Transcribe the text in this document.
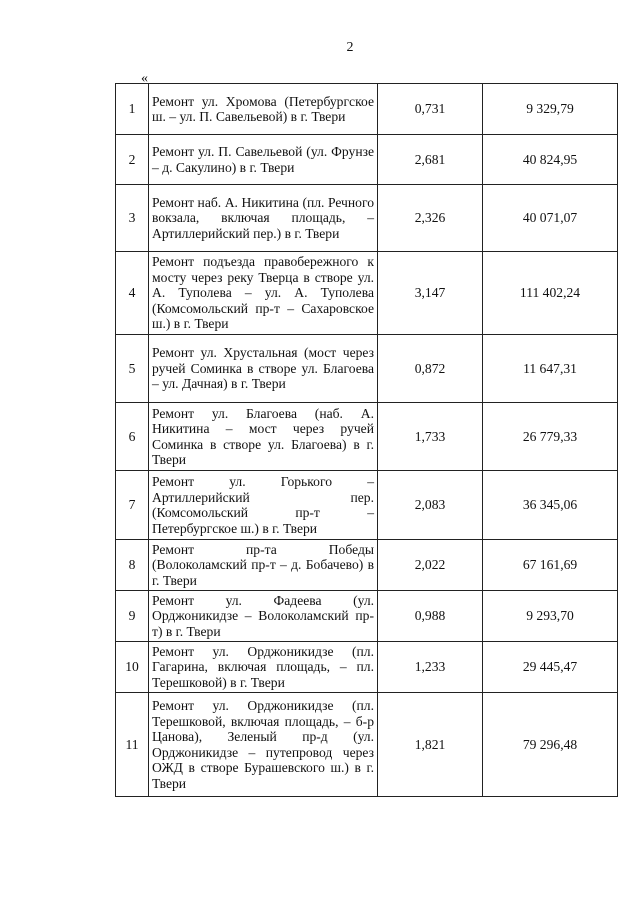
2
«
1	Ремонт ул. Хромова (Петербургское ш. – ул. П. Савельевой) в г. Твери	0,731	9 329,79
2	Ремонт ул. П. Савельевой (ул. Фрунзе – д. Сакулино) в г. Твери	2,681	40 824,95
3	Ремонт наб. А. Никитина (пл. Речного вокзала, включая площадь, – Артиллерийский пер.) в г. Твери	2,326	40 071,07
4	Ремонт подъезда правобережного к мосту через реку Тверца в створе ул. А. Туполева – ул. А. Туполева (Комсомольский пр-т – Сахаровское ш.) в г. Твери	3,147	111 402,24
5	Ремонт ул. Хрустальная (мост через ручей Соминка в створе ул. Благоева – ул. Дачная) в г. Твери	0,872	11 647,31
6	Ремонт ул. Благоева (наб. А. Никитина – мост через ручей Соминка в створе ул. Благоева) в г. Твери	1,733	26 779,33
7	Ремонт ул. Горького – Артиллерийский пер. (Комсомольский пр-т – Петербургское ш.) в г. Твери	2,083	36 345,06
8	Ремонт пр-та Победы (Волоколамский пр-т – д. Бобачево) в г. Твери	2,022	67 161,69
9	Ремонт ул. Фадеева (ул. Орджоникидзе – Волоколамский пр-т) в г. Твери	0,988	9 293,70
10	Ремонт ул. Орджоникидзе (пл. Гагарина, включая площадь, – пл. Терешковой) в г. Твери	1,233	29 445,47
11	Ремонт ул. Орджоникидзе (пл. Терешковой, включая площадь, – б-р Цанова), Зеленый пр-д (ул. Орджоникидзе – путепровод через ОЖД в створе Бурашевского ш.) в г. Твери	1,821	79 296,48
